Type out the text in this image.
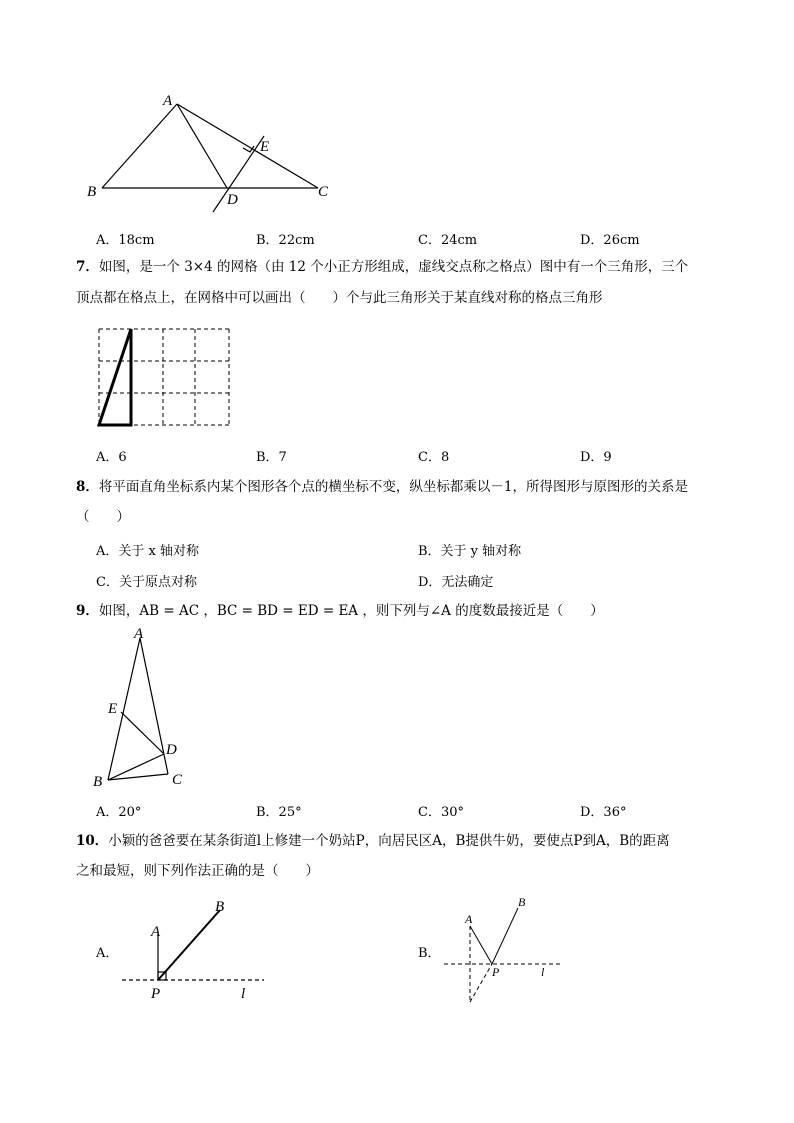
A
B	C
D
E
A．18cm	B．22cm	C．24cm	D．26cm
7．如图，是一个 3×4 的网格（由 12 个小正方形组成，虚线交点称之格点）图中有一个三角形，三个
顶点都在格点上，在网格中可以画出（　　）个与此三角形关于某直线对称的格点三角形
A．6	B．7	C．8	D．9
8．将平面直角坐标系内某个图形各个点的横坐标不变，纵坐标都乘以－1，所得图形与原图形的关系是
（　　）
A．关于 x 轴对称	B．关于 y 轴对称
C．关于原点对称	D．无法确定
9．如图，AB = AC ，BC = BD = ED = EA ，则下列与∠A 的度数最接近是（　　）
A
E
D
B	C
A．20°	B．25°	C．30°	D．36°
10．小颖的爸爸要在某条街道l上修建一个奶站P，向居民区A，B提供牛奶，要使点P到A，B的距离
之和最短，则下列作法正确的是（　　）
A．
A
B
P	l
B．
A
B
P	l
